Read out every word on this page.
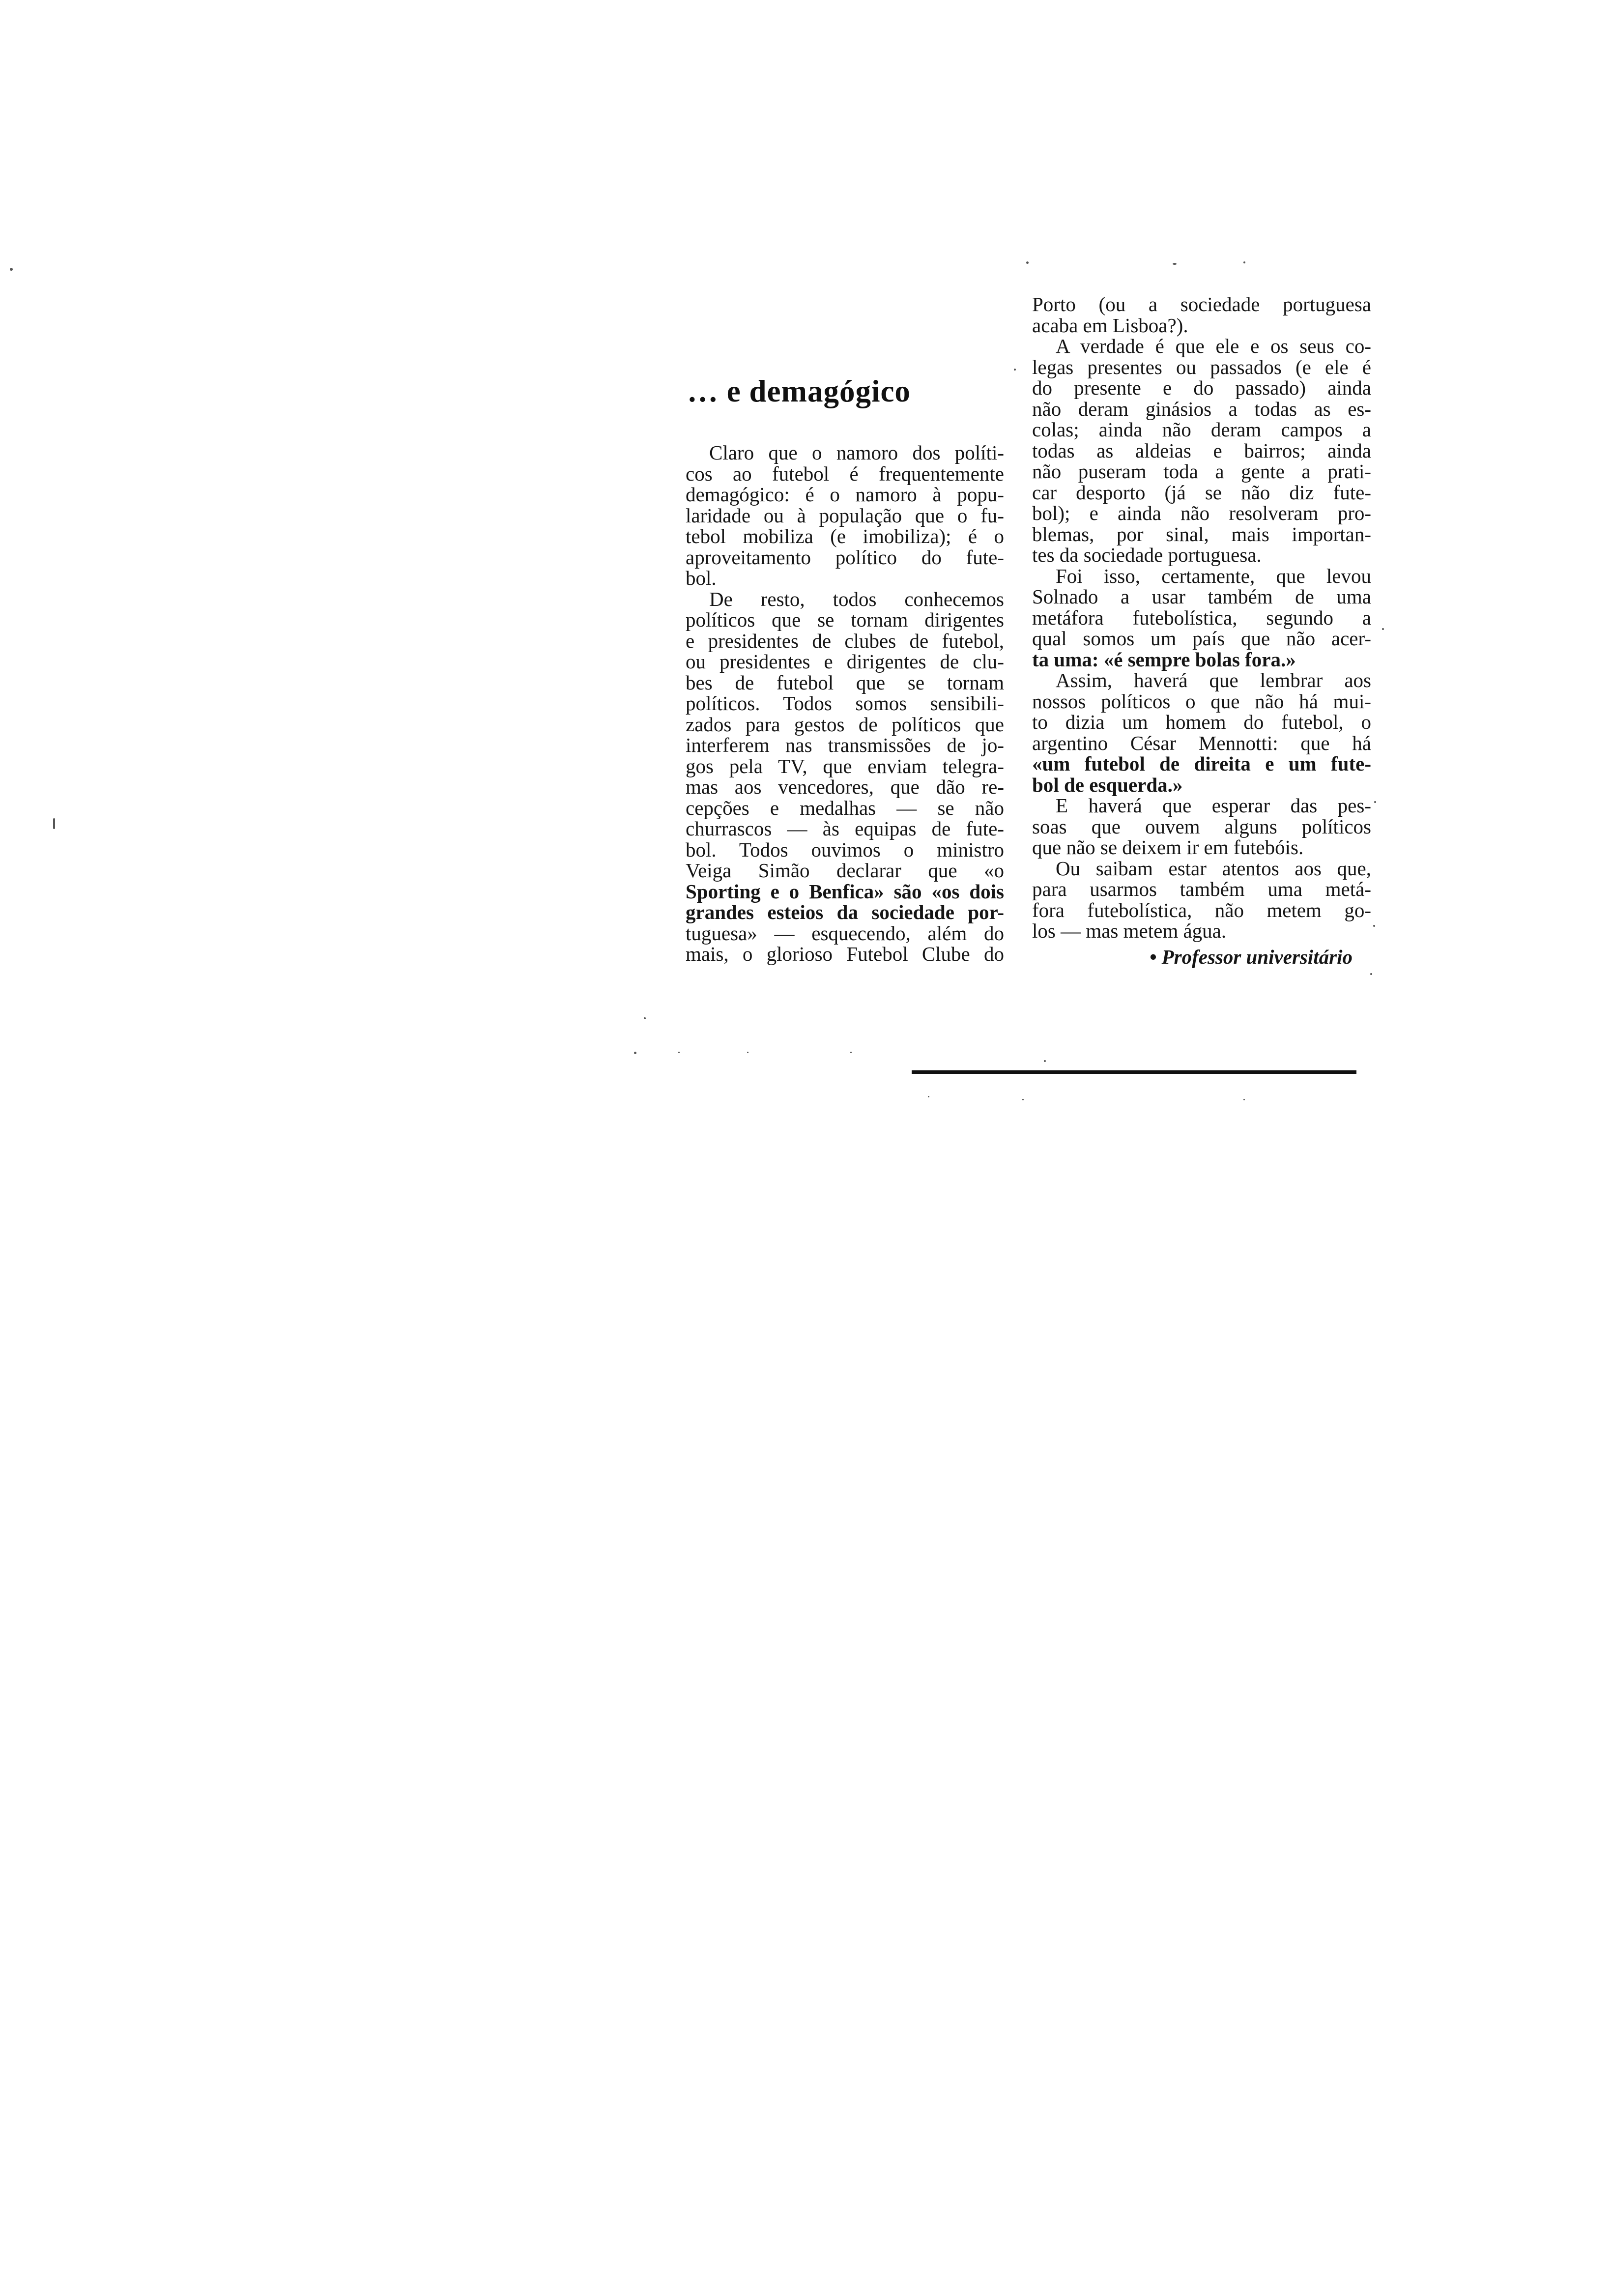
… e demagógico
Claro que o namoro dos políti-
cos ao futebol é frequentemente
demagógico: é o namoro à popu-
laridade ou à população que o fu-
tebol mobiliza (e imobiliza); é o
aproveitamento político do fute-
bol.
De resto, todos conhecemos
políticos que se tornam dirigentes
e presidentes de clubes de futebol,
ou presidentes e dirigentes de clu-
bes de futebol que se tornam
políticos. Todos somos sensibili-
zados para gestos de políticos que
interferem nas transmissões de jo-
gos pela TV, que enviam telegra-
mas aos vencedores, que dão re-
cepções e medalhas — se não
churrascos — às equipas de fute-
bol. Todos ouvimos o ministro
Veiga Simão declarar que «o
Sporting e o Benfica» são «os dois
grandes esteios da sociedade por-
tuguesa» — esquecendo, além do
mais, o glorioso Futebol Clube do
Porto (ou a sociedade portuguesa
acaba em Lisboa?).
A verdade é que ele e os seus co-
legas presentes ou passados (e ele é
do presente e do passado) ainda
não deram ginásios a todas as es-
colas; ainda não deram campos a
todas as aldeias e bairros; ainda
não puseram toda a gente a prati-
car desporto (já se não diz fute-
bol); e ainda não resolveram pro-
blemas, por sinal, mais importan-
tes da sociedade portuguesa.
Foi isso, certamente, que levou
Solnado a usar também de uma
metáfora futebolística, segundo a
qual somos um país que não acer-
ta uma: «é sempre bolas fora.»
Assim, haverá que lembrar aos
nossos políticos o que não há mui-
to dizia um homem do futebol, o
argentino César Mennotti: que há
«um futebol de direita e um fute-
bol de esquerda.»
E haverá que esperar das pes-
soas que ouvem alguns políticos
que não se deixem ir em futebóis.
Ou saibam estar atentos aos que,
para usarmos também uma metá-
fora futebolística, não metem go-
los — mas metem água.
• Professor universitário
